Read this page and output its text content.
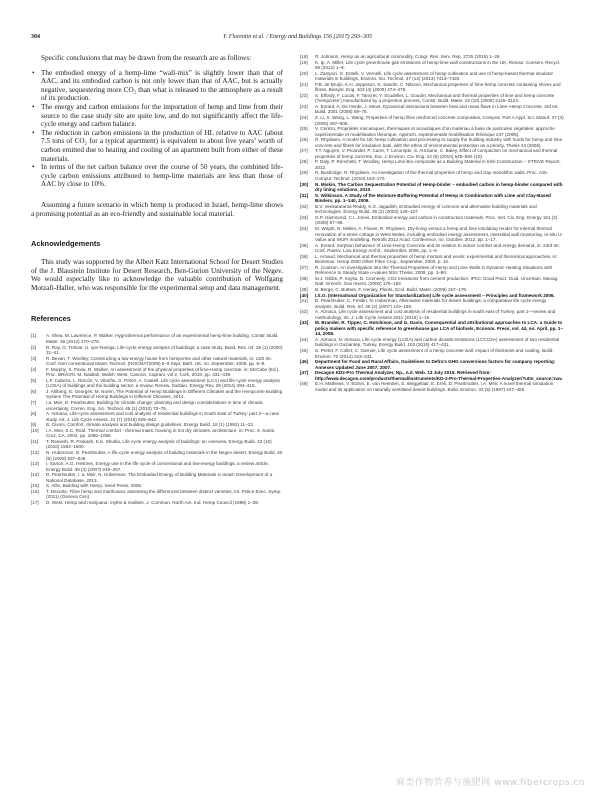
304	Y. Florentin et al. / Energy and Buildings 156 (2017) 293–305

Specific conclusions that may be drawn from the research are as follows:

• The embodied energy of a hemp-lime “wall-mix” is slightly lower than that of AAC, and its embodied carbon is not only lower than that of AAC, but is actually negative, sequestering more CO₂ than what is released to the atmosphere as a result of its production.
• The energy and carbon emissions for the importation of hemp and lime from their source to the case study site are quite low, and do not significantly affect the life-cycle energy and carbon balance.
• The reduction in carbon emissions in the production of HL relative to AAC (about 7.5 tons of CO₂ for a typical apartment) is equivalent to about five years’ worth of carbon emitted due to heating and cooling of an apartment built from either of these materials.
• In terms of the net carbon balance over the course of 50 years, the combined life-cycle carbon emissions attributed to hemp-lime materials are less than those of AAC by close to 10%.

Assuming a future scenario in which hemp is produced in Israel, hemp-lime shows a promising potential as an eco-friendly and sustainable local material.

Acknowledgements

This study was supported by the Albert Katz International School for Desert Studies of the J. Blaustein Institute for Desert Research, Ben-Gurion University of the Negev. We would especially like to acknowledge the valuable contribution of Wolfgang Motzafi-Haller, who was responsible for the experimental setup and data management.

References
[1] A. Shea, M. Lawrence, P. Walker, Hygrothermal performance of an experimental hemp-lime building, Constr. Build. Mater. 36 (2012) 270–275.
[2] R. Ray, G. Treloar, U. Iyer-Raniga, Life-cycle energy analysis of buildings: a case study, Build. Res. Inf. 28 (1) (2000) 31–41.
[3] R. Bevan, T. Woolley, Constructing a low energy house from hempcrete and other natural materials, in: 11th Int. Conf. Non-conventional Mater. Technol. (NOCMAT2009) 6–9 Sept. Bath. UK, no. September, 2009, pp. 6–9.
[4] F. Murphy, S. Pavia, R. Walker, An assessment of the physical properties of lime-Hemp concrete, in: McCabe (Ed.), Proc. BRI/CRI. M. Naallah, Walsh, West, Cannon, Caprani, vol 2, Cork, 2010, pp. 431–439.
[5] L.F. Cabeza, L. Rincón, V. Vilariño, G. Pérez, A. Castell, Life cycle assessment (LCA) and life cycle energy analysis (LCEA) of buildings and the building sector: a review, Renew. Sustain. Energy Rev. 29 (2014) 394–416.
[6] J. Ahlberg, E. Georges, M. Norén, The Potential of Hemp Buildings in Different Climates and the Hempcrete Building System The Potential of Hemp Buildings in Different Climates, 2014.
[7] I.a. Meir, D. Pearlmutter, Building for climate change: planning and design considerations in time of climatic uncertainty, Correo. Eng. Sci. Technol. 45 (1) (2010) 70–75.
[8] A. Atmaca, Life-cycle assessment and cost analysis of residential buildings in South East of Turkey: part 2—a case study, Int. J. Life Cycle Assess. 21 (7) (2016) 925–942.
[9] B. Givoni, Comfort, climate analysis and building design guidelines, Energy Build. 18 (1) (1992) 11–23.
[10] I.A. Meir, S.C. Roaf, Thermal comfort - thermal mass: housing in hot dry climates, architecture, in: Proc. 9, Santa Cruz, CA, 2002, pp. 1050–1055.
[11] T. Ramesh, R. Prakash, K.K. Shukla, Life cycle energy analysis of buildings: an overview, Energy Build. 42 (10) (2010) 1592–1600.
[12] N. Huberman, D. Pearlmutter, A life-cycle energy analysis of building materials in the Negev desert, Energy Build. 40 (5) (2008) 837–848.
[13] I. Sartori, A.G. Hestnes, Energy use in the life cycle of conventional and low-energy buildings: a review article, Energy Build. 39 (3) (2007) 249–257.
[14] D. Pearlmutter, I. a. Meir, N. Huberman, The Embodied Energy of Building Materials in Israel: Development of a National Database, 2013.
[15] S. Allin, Building with Hemp, Seed Press, 2005.
[16] T. Decorte, Fibre hemp and marihuana: assessing the differences between distinct varieties, Int. Police Exec. Symp. (2011) (Geneva Cen).
[17] D. West, Hemp and marijuana: myths & realities, J. Commun. North Am. Ind. Hemp Council (1998) 1–28.
[18] R. Johnson, Hemp as an agricultural commodity, Congr. Res. Serv. Rep. 2725 (2015) 1–29.
[19] K. Ip, A. Miller, Life cycle greenhouse gas emissions of hemp-lime wall constructions in the UK, Resour. Conserv. Recycl. 69 (2012) 1–9.
[20] L. Zampori, G. Dotelli, V. Vernelli, Life cycle assessment of hemp cultivation and use of hemp-based thermal insulator materials in buildings, Environ. Sci. Technol. 47 (13) (2013) 7413–7420.
[21] P.B. de Bruijn, K.H. Jeppsson, K. Sandin, C. Nilsson, Mechanical properties of lime-hemp concrete containing shives and fibres, Biosyst. Eng. 103 (4) (2009) 474–479.
[22] S. Elfordy, F. Lucas, F. Tancret, Y. Scudeller, L. Goudet, Mechanical and thermal properties of lime and hemp concrete (‘hempcrete’) manufactured by a projection process, Constr. Build. Mater. 22 (10) (2008) 2116–2123.
[23] A. Evrard, A. De Herde, J. Minet, Dynamical interactions between heat and mass flows in Lime–Hemp Concrete, 3rd Int. Build. 2001 (2006) 69–76.
[24] Z. Li, X. Wang, L. Wang, Properties of hemp fibre reinforced concrete composites, Compos. Part A Appl. Sci. Manuf. 37 (3) (2006) 497–505.
[25] V. Cérézo, Propriétés mécaniques, thermiques et acoustiques d’un matériau à base de particules végétales: approche expérimentale et modélisation théorique, Approch. expérimentale modélisation théorique 247 (2005).
[26] R. Rhydwen, A model for UK hemp cultivation and processing to supply the building industry with hurds for hemp and lime concrete and fibres for insulation bats, with the ethos of environmental protection as a priority, Thesis 44 (2006).
[27] T.T. Nguyen, V. Picandet, P. Carre, T. Lecompte, S. Amziane, C. Baley, Effect of compaction on mechanical and thermal properties of hemp concrete, Eur. J. Environ. Civ. Eng. 14 (5) (2010) 545–560 (10).
[28] P. Daly, P. Ronchetti, T. Woolley, Hemp Lime Bio-composite as a Building Material in Irish Construction – STRIVE Report, 2012.
[29] R. Busbridge, R. Rhydwen, An investigation of the thermal properties of hemp and clay monolithic walls, Proc. Adv. Comput. Technol. (2010) 163–170.
[30] N. Miskin, The Carbon Sequestration Potential of Hemp-binder – embodied carbon in hemp-binder compared with dry lining solutions, 2010.
[31] S. Wilkinson, A Study of the Moisture Buffering Potential of Hemp in Combination with Lime and Clay-Based Binders, pp. 1–140, 2009.
[32] B.V. Venkatarama Reddy, K.S. Jagadish, Embodied energy of common and alternative building materials and technologies, Energy Build. 35 (2) (2003) 129–137.
[33] G.P. Hammond, C.I. Jones, Embodied energy and carbon in construction materials, Proc. Inst. Civ. Eng. Energy 161 (2) (2008) 87–98.
[34] M. Wright, N. Miskin, A. Flower, R. Rhydwen, Dry-lining versus a hemp and lime insulating render for internal thermal renovation of a stone cottage in West Wales, including embodied energy assessment, interstitial wall monitoring, In-situ U-Value and WUFI modelling, Retrofit 2012 Acad. Conference, no. October, 2012, pp. 1–17.
[35] A. Evrard, Sorption behaviour of Lime-Hemp Concrete and its relation to indoor comfort and energy demand, in: 23rd Int. Conf. Passiv. Low Energy Archit., September, 2006, pp. 1–6.
[36] L. Arnaud, Mechanical and thermal properties of hemp mortars and wools: experimental and theoretical approaches, in: Bioresour. Hemp 2000 Other Fibre Crop., September, 2000, p. 10.
[37] R. Coulson, An investigation into the Thermal Properties of Hemp and Lime Walls in Dynamic Heating Situations with Reference to Steady State u-values MSc Thesis, 2009, pp. 1–90.
[38] M.J. Gibbs, P. Soyka, D. Conneely, CO2 emissions from cement production, IPCC Good Pract. Guid. Uncertain. Manag. Natl. Greenh. Gas Invent. (2000) 175–182.
[39] B. Berge, C. Butters, F. Henley, Plants, Ecol. Build. Mater. (2009) 157–179.
[40] I.S.O. (International Organization for Standardization) Life cycle assessment – Principles and framework 2006.
[41] D. Pearlmutter, C. Freidin, N. Huberman, Alternative materials for desert buildings: a comparative life cycle energy analysis, Build. Res. Inf. 35 (2) (2007) 144–155.
[42] A. Atmaca, Life cycle assessment and cost analysis of residential buildings in south east of Turkey: part 1—review and methodology, Int. J. Life Cycle Assess 2011 (2016) 1–16.
[43] M. Brander, R. Tipper, C. Hutchison, and G. Davis, Consequential and attributional approaches to LCA: a Guide to policy makers with specific reference to greenhouse gas LCA of biofuels, Econom. Press, vol. 44, no. April, pp. 1–14, 2008.
[44] A. Atmaca, N. Atmaca, Life cycle energy (LCEA) and carbon dioxide emissions (LCCO2A) assessment of two residential buildings in Gaziantep, Turkey, Energy Build. 102 (2015) 417–431.
[45] S. Pretot, F. Collet, C. Garnier, Life cycle assessment of a hemp concrete wall: impact of thickness and coating, Build. Environ. 72 (2014) 223–231.
[46] Department for Food and Rural Affairs, Guidelines to Defra’s GHG conversions factors for company reporting: Annexes Updated June 2007, 2007.
[47] Decagon KD2-Pro Thermal Analyzer, Np., n.d. Web. 13 July 2015. Retrieved from: http://www.decagon.com/products/thermal/instruments/KD-2-Pro-Thermal-Properties-Analyzer/?utm_source=nav.
[48] E.H. Mathews, V. Etzion, E. van Heerden, S. Weggelaar, E. Ereli, D. Pearlmutter, I.A. Meir, A novel thermal simulation model and its application on naturally ventilated desert buildings, Build. Environ. 32 (5) (1997) 447–456.
麻类作物营养与施肥网 www.fibercrops.cn
